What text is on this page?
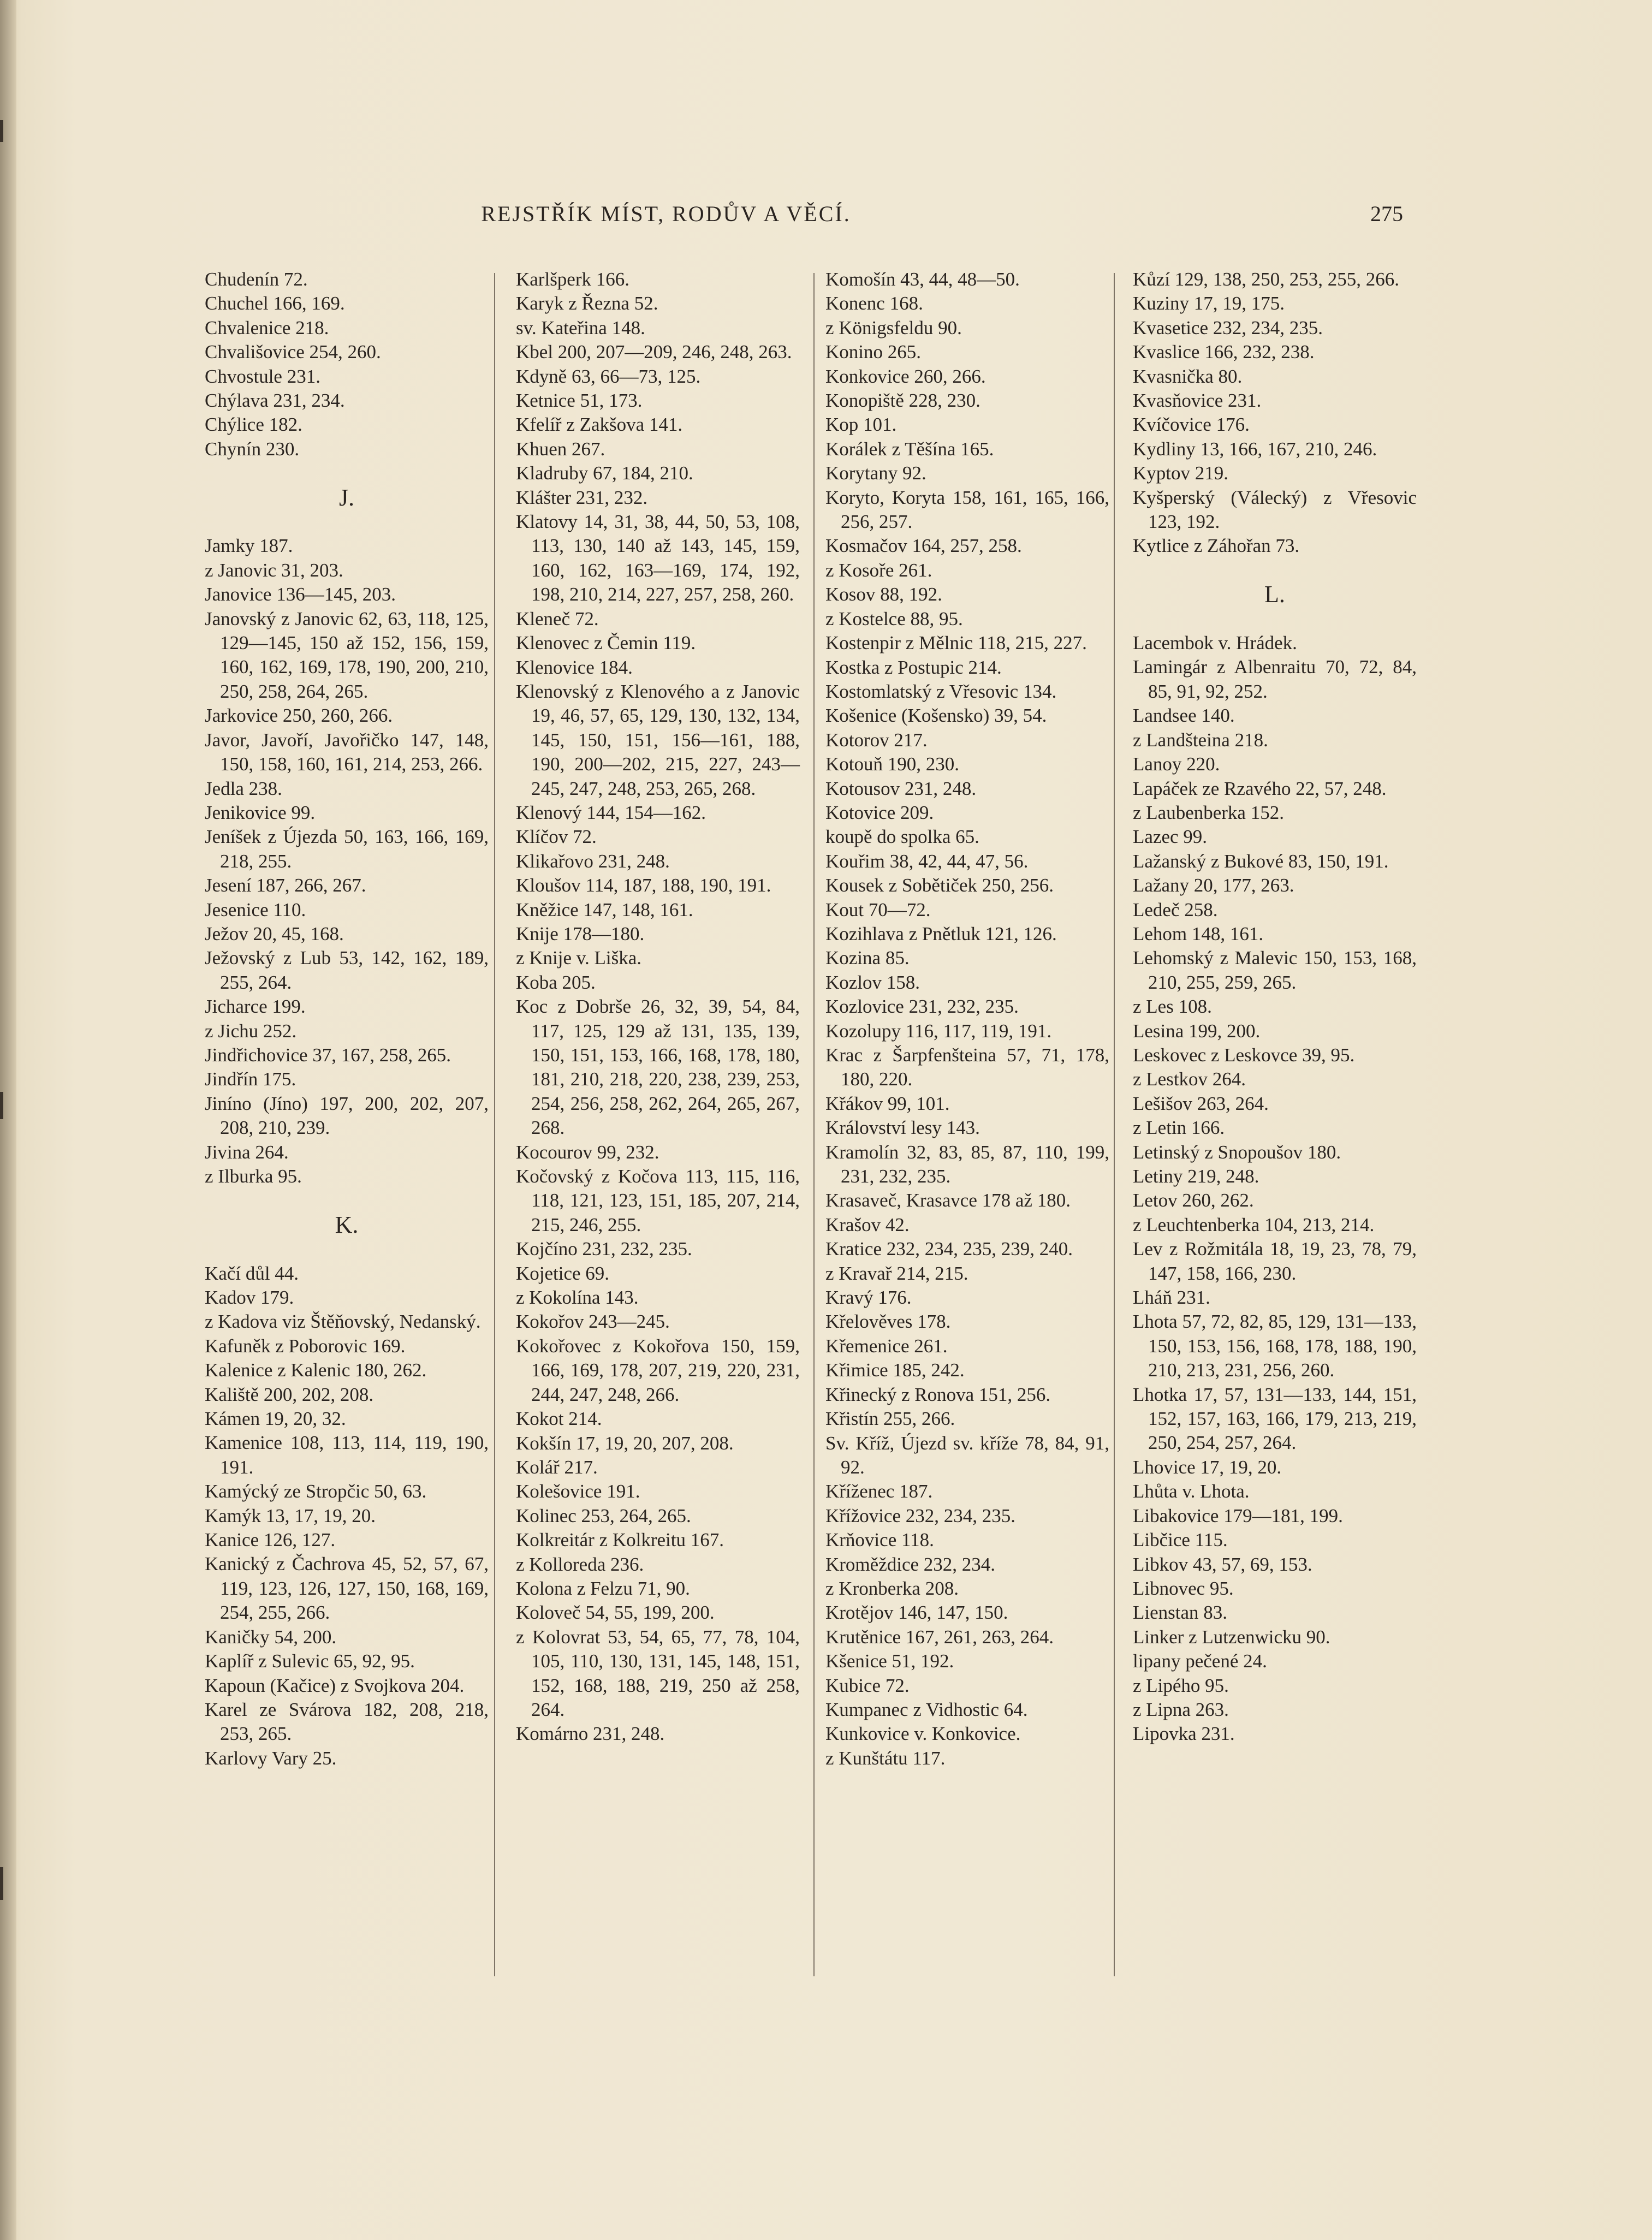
REJSTŘÍK MÍST, RODŮV A VĚCÍ.	275

Chudenín 72.

Chuchel 166, 169.

Chvalenice 218.

Chvališovice 254, 260.

Chvostule 231.

Chýlava 231, 234.

Chýlice 182.

Chynín 230.

J.

Jamky 187.

z Janovic 31, 203.

Janovice 136—145, 203.

Janovský z Janovic 62, 63, 118, 125, 129—145, 150 až 152, 156, 159, 160, 162, 169, 178, 190, 200, 210, 250, 258, 264, 265.

Jarkovice 250, 260, 266.

Javor, Javoří, Javořičko 147, 148, 150, 158, 160, 161, 214, 253, 266.

Jedla 238.

Jenikovice 99.

Jeníšek z Újezda 50, 163, 166, 169, 218, 255.

Jesení 187, 266, 267.

Jesenice 110.

Ježov 20, 45, 168.

Ježovský z Lub 53, 142, 162, 189, 255, 264.

Jicharce 199.

z Jichu 252.

Jindřichovice 37, 167, 258, 265.

Jindřín 175.

Jiníno (Jíno) 197, 200, 202, 207, 208, 210, 239.

Jivina 264.

z Ilburka 95.

K.

Kačí důl 44.

Kadov 179.

z Kadova viz Štěňovský, Nedanský.

Kafuněk z Poborovic 169.

Kalenice z Kalenic 180, 262.

Kaliště 200, 202, 208.

Kámen 19, 20, 32.

Kamenice 108, 113, 114, 119, 190, 191.

Kamýcký ze Stropčic 50, 63.

Kamýk 13, 17, 19, 20.

Kanice 126, 127.

Kanický z Čachrova 45, 52, 57, 67, 119, 123, 126, 127, 150, 168, 169, 254, 255, 266.

Kaničky 54, 200.

Kaplíř z Sulevic 65, 92, 95.

Kapoun (Kačice) z Svojkova 204.

Karel ze Svárova 182, 208, 218, 253, 265.

Karlovy Vary 25.

Karlšperk 166.

Karyk z Řezna 52.

sv. Kateřina 148.

Kbel 200, 207—209, 246, 248, 263.

Kdyně 63, 66—73, 125.

Ketnice 51, 173.

Kfelíř z Zakšova 141.

Khuen 267.

Kladruby 67, 184, 210.

Klášter 231, 232.

Klatovy 14, 31, 38, 44, 50, 53, 108, 113, 130, 140 až 143, 145, 159, 160, 162, 163—169, 174, 192, 198, 210, 214, 227, 257, 258, 260.

Kleneč 72.

Klenovec z Čemin 119.

Klenovice 184.

Klenovský z Klenového a z Janovic 19, 46, 57, 65, 129, 130, 132, 134, 145, 150, 151, 156—161, 188, 190, 200—202, 215, 227, 243—245, 247, 248, 253, 265, 268.

Klenový 144, 154—162.

Klíčov 72.

Klikařovo 231, 248.

Kloušov 114, 187, 188, 190, 191.

Kněžice 147, 148, 161.

Knije 178—180.

z Knije v. Liška.

Koba 205.

Koc z Dobrše 26, 32, 39, 54, 84, 117, 125, 129 až 131, 135, 139, 150, 151, 153, 166, 168, 178, 180, 181, 210, 218, 220, 238, 239, 253, 254, 256, 258, 262, 264, 265, 267, 268.

Kocourov 99, 232.

Kočovský z Kočova 113, 115, 116, 118, 121, 123, 151, 185, 207, 214, 215, 246, 255.

Kojčíno 231, 232, 235.

Kojetice 69.

z Kokolína 143.

Kokořov 243—245.

Kokořovec z Kokořova 150, 159, 166, 169, 178, 207, 219, 220, 231, 244, 247, 248, 266.

Kokot 214.

Kokšín 17, 19, 20, 207, 208.

Kolář 217.

Kolešovice 191.

Kolinec 253, 264, 265.

Kolkreitár z Kolkreitu 167.

z Kolloreda 236.

Kolona z Felzu 71, 90.

Koloveč 54, 55, 199, 200.

z Kolovrat 53, 54, 65, 77, 78, 104, 105, 110, 130, 131, 145, 148, 151, 152, 168, 188, 219, 250 až 258, 264.

Komárno 231, 248.

Komošín 43, 44, 48—50.

Konenc 168.

z Königsfeldu 90.

Konino 265.

Konkovice 260, 266.

Konopiště 228, 230.

Kop 101.

Korálek z Těšína 165.

Korytany 92.

Koryto, Koryta 158, 161, 165, 166, 256, 257.

Kosmačov 164, 257, 258.

z Kosoře 261.

Kosov 88, 192.

z Kostelce 88, 95.

Kostenpir z Mělnic 118, 215, 227.

Kostka z Postupic 214.

Kostomlatský z Vřesovic 134.

Košenice (Košensko) 39, 54.

Kotorov 217.

Kotouň 190, 230.

Kotousov 231, 248.

Kotovice 209.

koupě do spolka 65.

Kouřim 38, 42, 44, 47, 56.

Kousek z Sobětiček 250, 256.

Kout 70—72.

Kozihlava z Pnětluk 121, 126.

Kozina 85.

Kozlov 158.

Kozlovice 231, 232, 235.

Kozolupy 116, 117, 119, 191.

Krac z Šarpfenšteina 57, 71, 178, 180, 220.

Křákov 99, 101.

Království lesy 143.

Kramolín 32, 83, 85, 87, 110, 199, 231, 232, 235.

Krasaveč, Krasavce 178 až 180.

Krašov 42.

Kratice 232, 234, 235, 239, 240.

z Kravař 214, 215.

Kravý 176.

Křelověves 178.

Křemenice 261.

Křimice 185, 242.

Křinecký z Ronova 151, 256.

Křistín 255, 266.

Sv. Kříž, Újezd sv. kříže 78, 84, 91, 92.

Kříženec 187.

Křížovice 232, 234, 235.

Krňovice 118.

Kroměždice 232, 234.

z Kronberka 208.

Krotějov 146, 147, 150.

Krutěnice 167, 261, 263, 264.

Kšenice 51, 192.

Kubice 72.

Kumpanec z Vidhostic 64.

Kunkovice v. Konkovice.

z Kunštátu 117.

Kůzí 129, 138, 250, 253, 255, 266.

Kuziny 17, 19, 175.

Kvasetice 232, 234, 235.

Kvaslice 166, 232, 238.

Kvasnička 80.

Kvasňovice 231.

Kvíčovice 176.

Kydliny 13, 166, 167, 210, 246.

Kyptov 219.

Kyšperský (Válecký) z Vřesovic 123, 192.

Kytlice z Záhořan 73.

L.

Lacembok v. Hrádek.

Lamingár z Albenraitu 70, 72, 84, 85, 91, 92, 252.

Landsee 140.

z Landšteina 218.

Lanoy 220.

Lapáček ze Rzavého 22, 57, 248.

z Laubenberka 152.

Lazec 99.

Lažanský z Bukové 83, 150, 191.

Lažany 20, 177, 263.

Ledeč 258.

Lehom 148, 161.

Lehomský z Malevic 150, 153, 168, 210, 255, 259, 265.

z Les 108.

Lesina 199, 200.

Leskovec z Leskovce 39, 95.

z Lestkov 264.

Lešišov 263, 264.

z Letin 166.

Letinský z Snopoušov 180.

Letiny 219, 248.

Letov 260, 262.

z Leuchtenberka 104, 213, 214.

Lev z Rožmitála 18, 19, 23, 78, 79, 147, 158, 166, 230.

Lháň 231.

Lhota 57, 72, 82, 85, 129, 131—133, 150, 153, 156, 168, 178, 188, 190, 210, 213, 231, 256, 260.

Lhotka 17, 57, 131—133, 144, 151, 152, 157, 163, 166, 179, 213, 219, 250, 254, 257, 264.

Lhovice 17, 19, 20.

Lhůta v. Lhota.

Libakovice 179—181, 199.

Libčice 115.

Libkov 43, 57, 69, 153.

Libnovec 95.

Lienstan 83.

Linker z Lutzenwicku 90.

lipany pečené 24.

z Lipého 95.

z Lipna 263.

Lipovka 231.
